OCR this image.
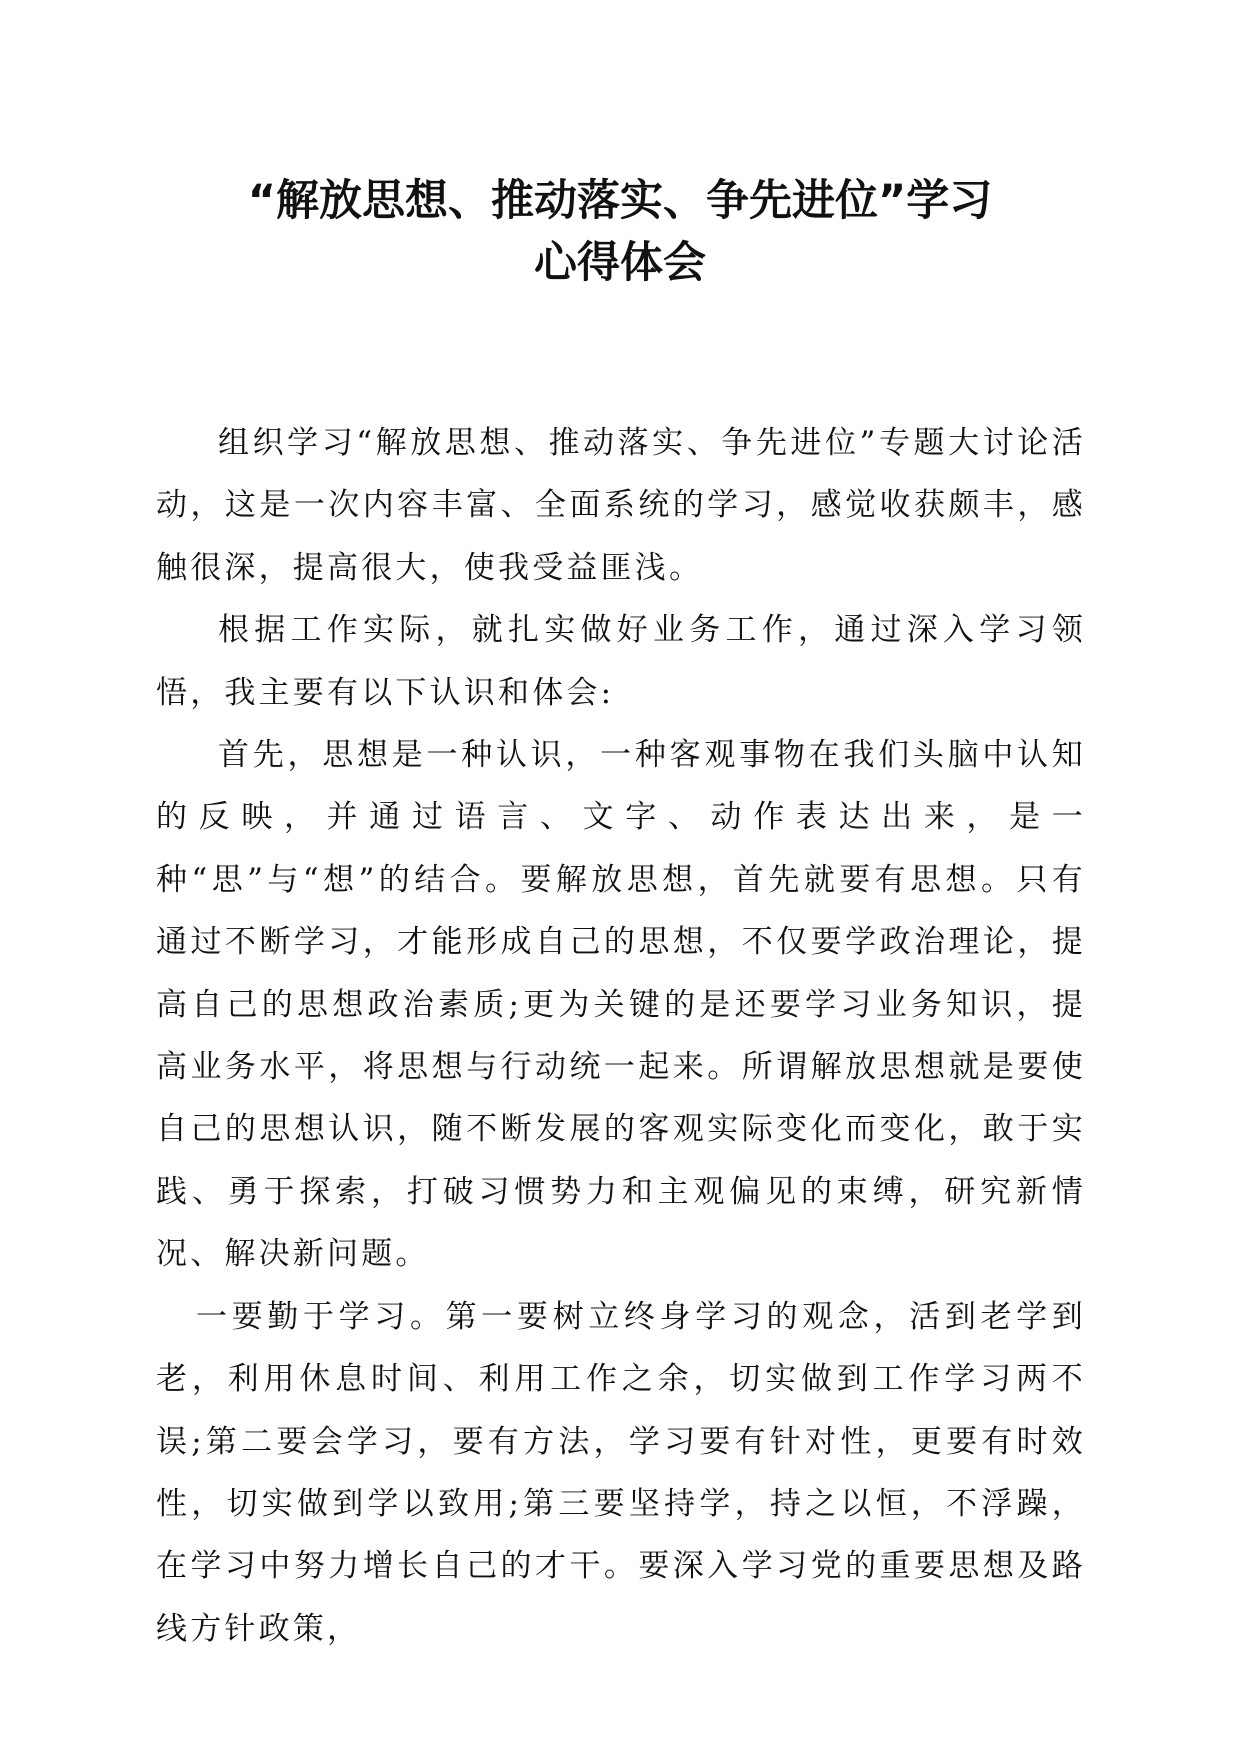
“解放思想、推动落实、争先进位”学习
心得体会

组织学习“解放思想、推动落实、争先进位”专题大讨论活动，这是一次内容丰富、全面系统的学习，感觉收获颇丰，感触很深，提高很大，使我受益匪浅。

根据工作实际，就扎实做好业务工作，通过深入学习领悟，我主要有以下认识和体会:

首先，思想是一种认识，一种客观事物在我们头脑中认知的反映，并通过语言、文字、动作表达出来，是一种“思”与“想”的结合。要解放思想，首先就要有思想。只有通过不断学习，才能形成自己的思想，不仅要学政治理论，提高自己的思想政治素质;更为关键的是还要学习业务知识，提高业务水平，将思想与行动统一起来。所谓解放思想就是要使自己的思想认识，随不断发展的客观实际变化而变化，敢于实践、勇于探索，打破习惯势力和主观偏见的束缚，研究新情况、解决新问题。

一要勤于学习。第一要树立终身学习的观念，活到老学到老，利用休息时间、利用工作之余，切实做到工作学习两不误;第二要会学习，要有方法，学习要有针对性，更要有时效性，切实做到学以致用;第三要坚持学，持之以恒，不浮躁，在学习中努力增长自己的才干。要深入学习党的重要思想及路线方针政策，
